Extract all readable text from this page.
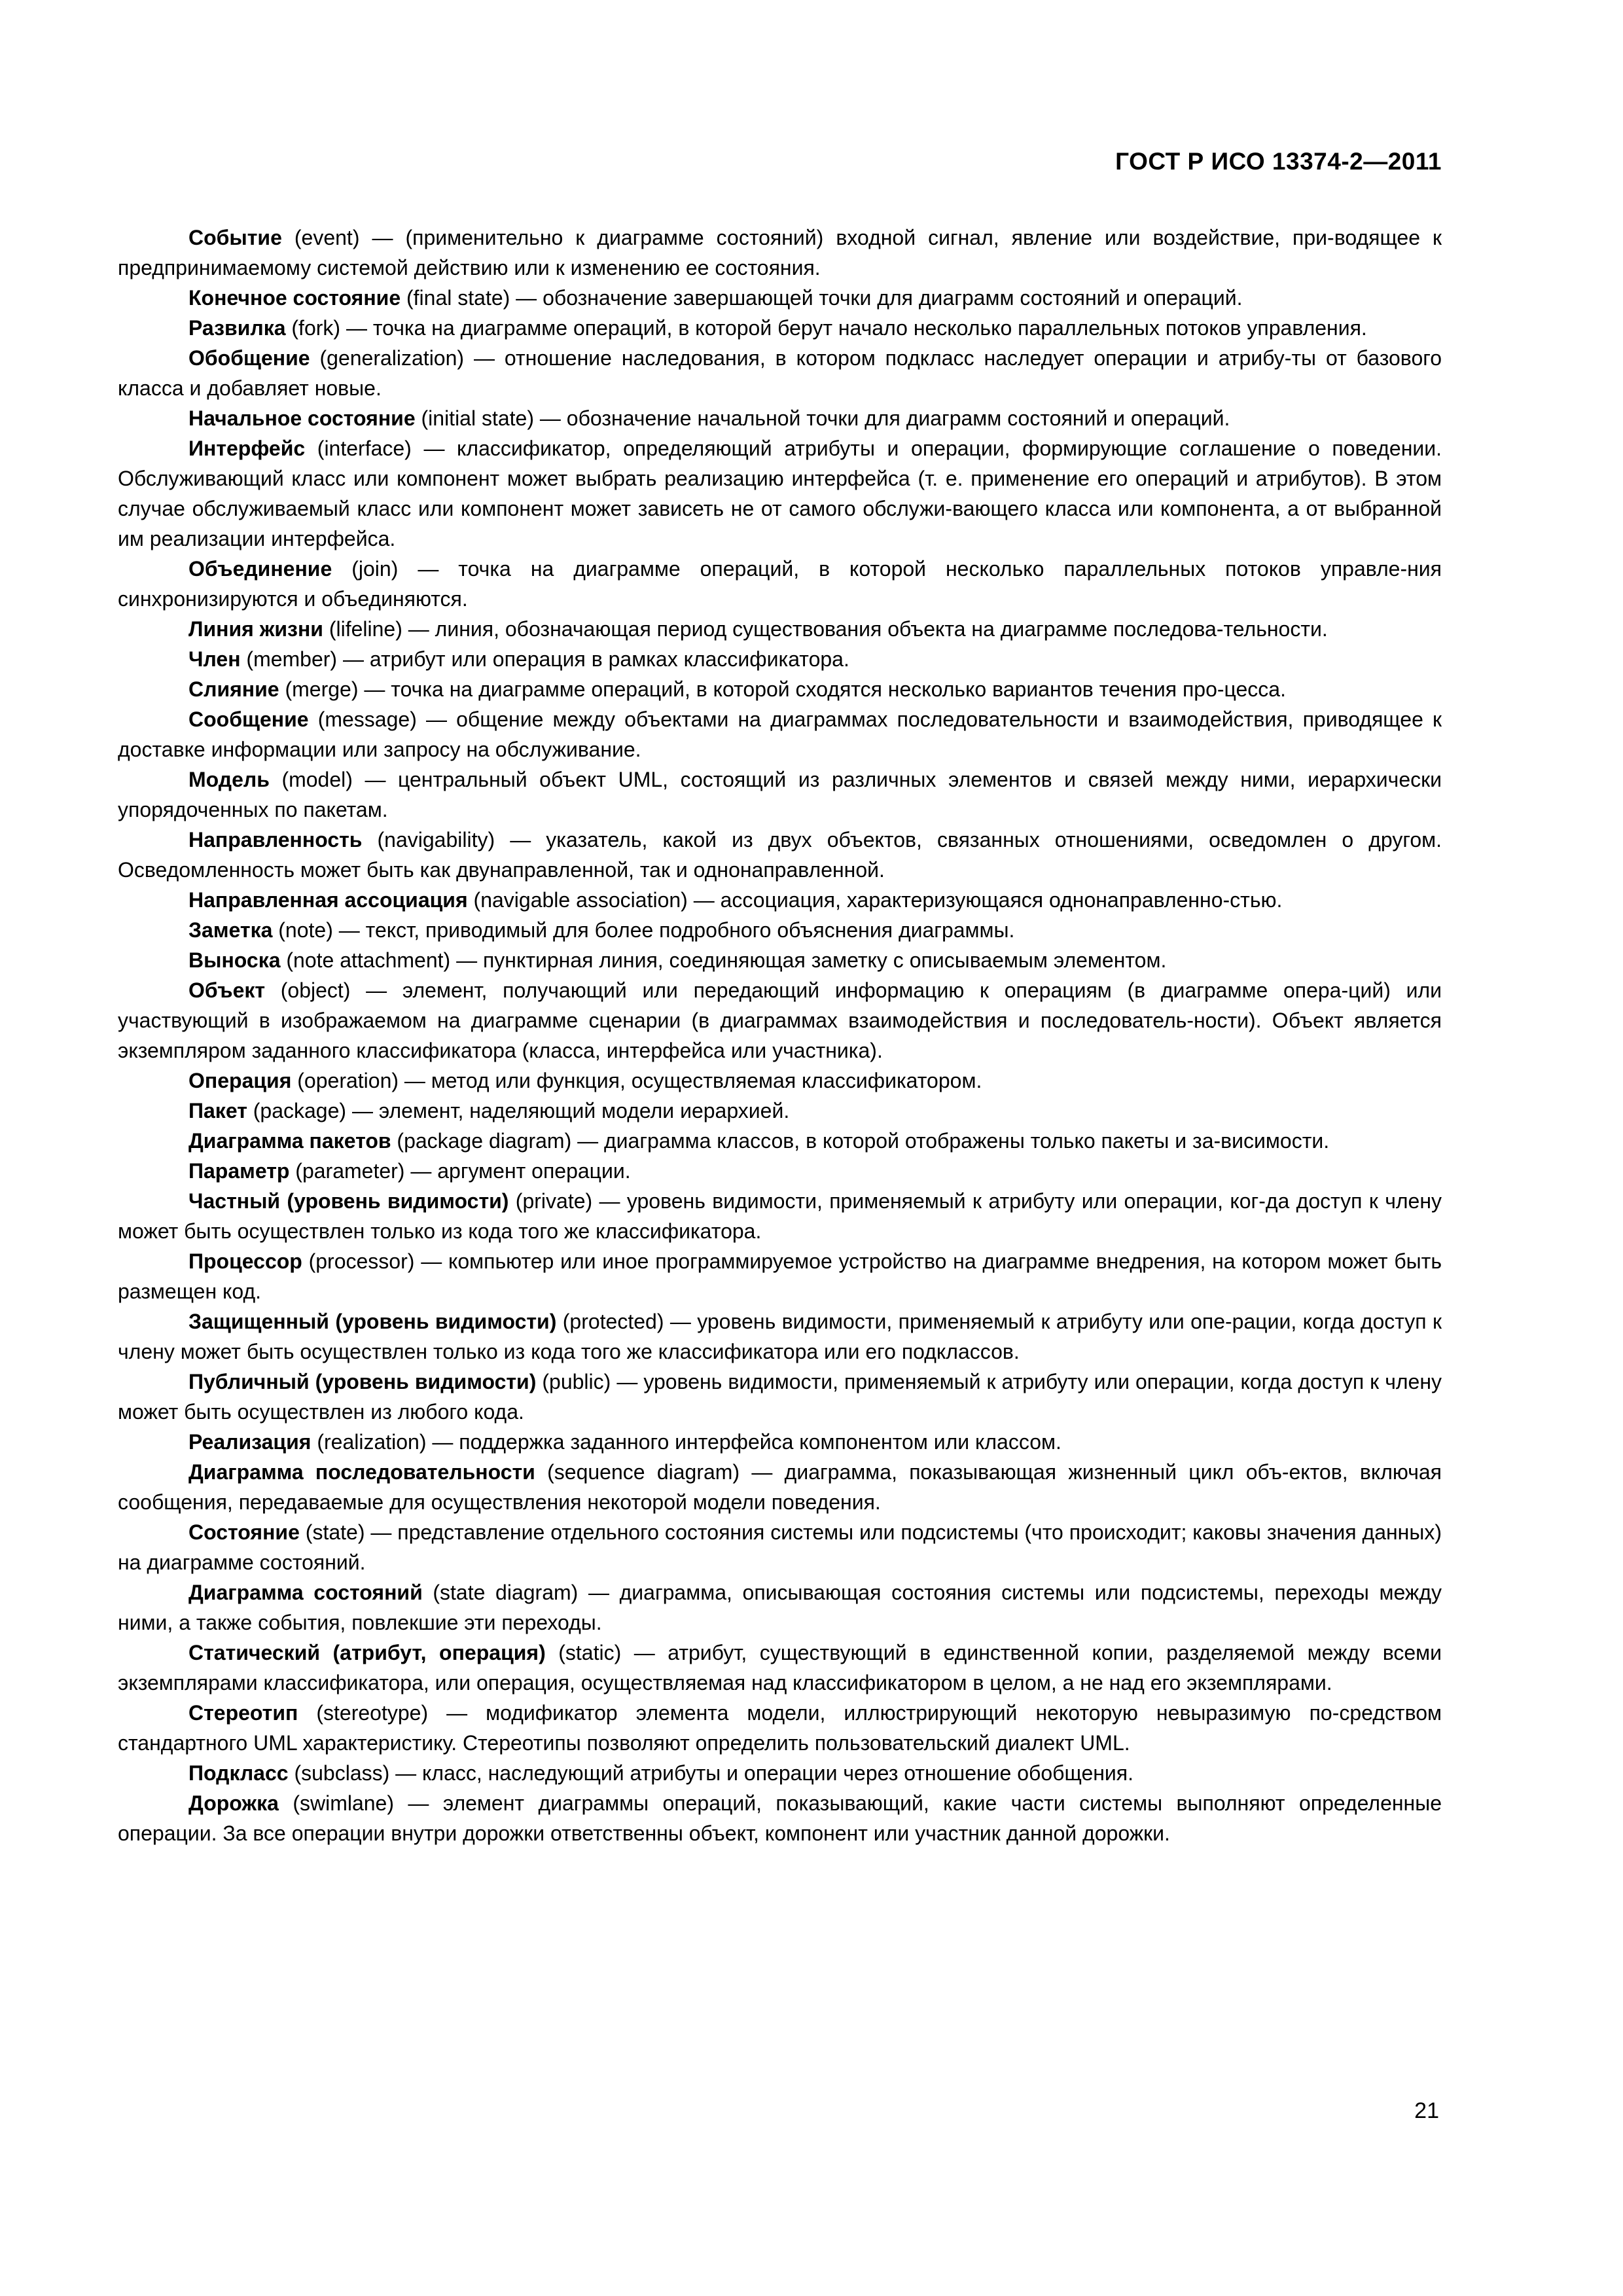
ГОСТ Р ИСО 13374-2—2011

Событие (event) — (применительно к диаграмме состояний) входной сигнал, явление или воздействие, при-водящее к предпринимаемому системой действию или к изменению ее состояния.

Конечное состояние (final state) — обозначение завершающей точки для диаграмм состояний и операций.

Развилка (fork) — точка на диаграмме операций, в которой берут начало несколько параллельных потоков управления.

Обобщение (generalization) — отношение наследования, в котором подкласс наследует операции и атрибу-ты от базового класса и добавляет новые.

Начальное состояние (initial state) — обозначение начальной точки для диаграмм состояний и операций.

Интерфейс (interface) — классификатор, определяющий атрибуты и операции, формирующие соглашение о поведении. Обслуживающий класс или компонент может выбрать реализацию интерфейса (т. е. применение его операций и атрибутов). В этом случае обслуживаемый класс или компонент может зависеть не от самого обслужи-вающего класса или компонента, а от выбранной им реализации интерфейса.

Объединение (join) — точка на диаграмме операций, в которой несколько параллельных потоков управле-ния синхронизируются и объединяются.

Линия жизни (lifeline) — линия, обозначающая период существования объекта на диаграмме последова-тельности.

Член (member) — атрибут или операция в рамках классификатора.

Слияние (merge) — точка на диаграмме операций, в которой сходятся несколько вариантов течения про-цесса.

Сообщение (message) — общение между объектами на диаграммах последовательности и взаимодействия, приводящее к доставке информации или запросу на обслуживание.

Модель (model) — центральный объект UML, состоящий из различных элементов и связей между ними, иерархически упорядоченных по пакетам.

Направленность (navigability) — указатель, какой из двух объектов, связанных отношениями, осведомлен о другом. Осведомленность может быть как двунаправленной, так и однонаправленной.

Направленная ассоциация (navigable association) — ассоциация, характеризующаяся однонаправленно-стью.

Заметка (note) — текст, приводимый для более подробного объяснения диаграммы.

Выноска (note attachment) — пунктирная линия, соединяющая заметку с описываемым элементом.

Объект (object) — элемент, получающий или передающий информацию к операциям (в диаграмме опера-ций) или участвующий в изображаемом на диаграмме сценарии (в диаграммах взаимодействия и последователь-ности). Объект является экземпляром заданного классификатора (класса, интерфейса или участника).

Операция (operation) — метод или функция, осуществляемая классификатором.

Пакет (package) — элемент, наделяющий модели иерархией.

Диаграмма пакетов (package diagram) — диаграмма классов, в которой отображены только пакеты и за-висимости.

Параметр (parameter) — аргумент операции.

Частный (уровень видимости) (private) — уровень видимости, применяемый к атрибуту или операции, ког-да доступ к члену может быть осуществлен только из кода того же классификатора.

Процессор (processor) — компьютер или иное программируемое устройство на диаграмме внедрения, на котором может быть размещен код.

Защищенный (уровень видимости) (protected) — уровень видимости, применяемый к атрибуту или опе-рации, когда доступ к члену может быть осуществлен только из кода того же классификатора или его подклассов.

Публичный (уровень видимости) (public) — уровень видимости, применяемый к атрибуту или операции, когда доступ к члену может быть осуществлен из любого кода.

Реализация (realization) — поддержка заданного интерфейса компонентом или классом.

Диаграмма последовательности (sequence diagram) — диаграмма, показывающая жизненный цикл объ-ектов, включая сообщения, передаваемые для осуществления некоторой модели поведения.

Состояние (state) — представление отдельного состояния системы или подсистемы (что происходит; каковы значения данных) на диаграмме состояний.

Диаграмма состояний (state diagram) — диаграмма, описывающая состояния системы или подсистемы, переходы между ними, а также события, повлекшие эти переходы.

Статический (атрибут, операция) (static) — атрибут, существующий в единственной копии, разделяемой между всеми экземплярами классификатора, или операция, осуществляемая над классификатором в целом, а не над его экземплярами.

Стереотип (stereotype) — модификатор элемента модели, иллюстрирующий некоторую невыразимую по-средством стандартного UML характеристику. Стереотипы позволяют определить пользовательский диалект UML.

Подкласс (subclass) — класс, наследующий атрибуты и операции через отношение обобщения.

Дорожка (swimlane) — элемент диаграммы операций, показывающий, какие части системы выполняют определенные операции. За все операции внутри дорожки ответственны объект, компонент или участник данной дорожки.

21
